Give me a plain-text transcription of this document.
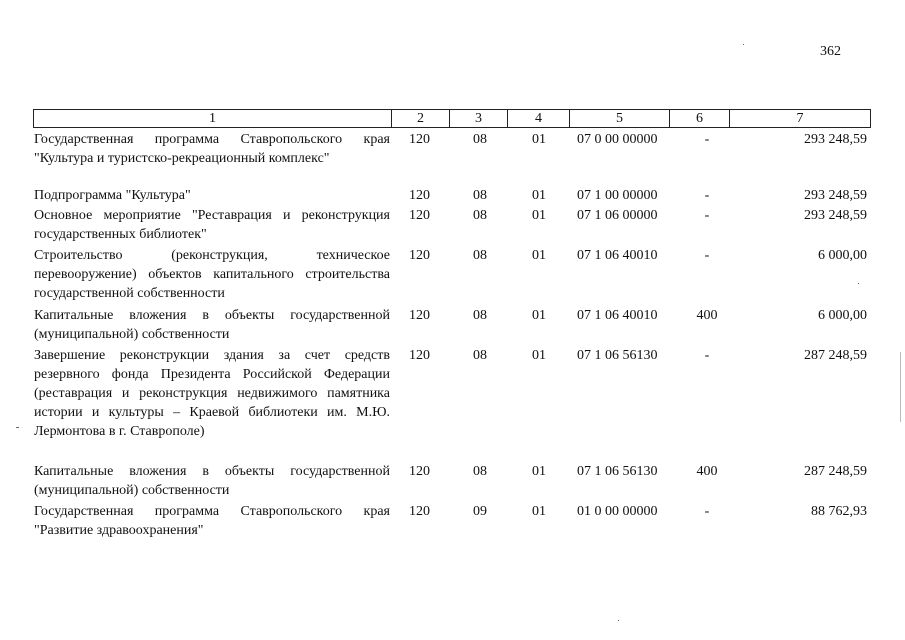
362
1	2	3	4	5	6	7
Государственная программа Ставропольского края "Культура и туристско-рекреационный комплекс"
120	08	01	07 0 00 00000	-	293 248,59
Подпрограмма "Культура"	120	08	01	07 1 00 00000	-	293 248,59
Основное мероприятие "Реставрация и реконструкция государственных библиотек"
120	08	01	07 1 06 00000	-	293 248,59
Строительство (реконструкция, техническое перевооружение) объектов капитального строительства государственной собственности
120	08	01	07 1 06 40010	-	6 000,00
Капитальные вложения в объекты государственной (муниципальной) собственности
120	08	01	07 1 06 40010	400	6 000,00
Завершение реконструкции здания за счет средств резервного фонда Президента Российской Федерации (реставрация и реконструкция недвижимого памятника истории и культуры – Краевой библиотеки им. М.Ю. Лермонтова в г. Ставрополе)
120	08	01	07 1 06 56130	-	287 248,59
Капитальные вложения в объекты государственной (муниципальной) собственности
120	08	01	07 1 06 56130	400	287 248,59
Государственная программа Ставропольского края "Развитие здравоохранения"
120	09	01	01 0 00 00000	-	88 762,93
